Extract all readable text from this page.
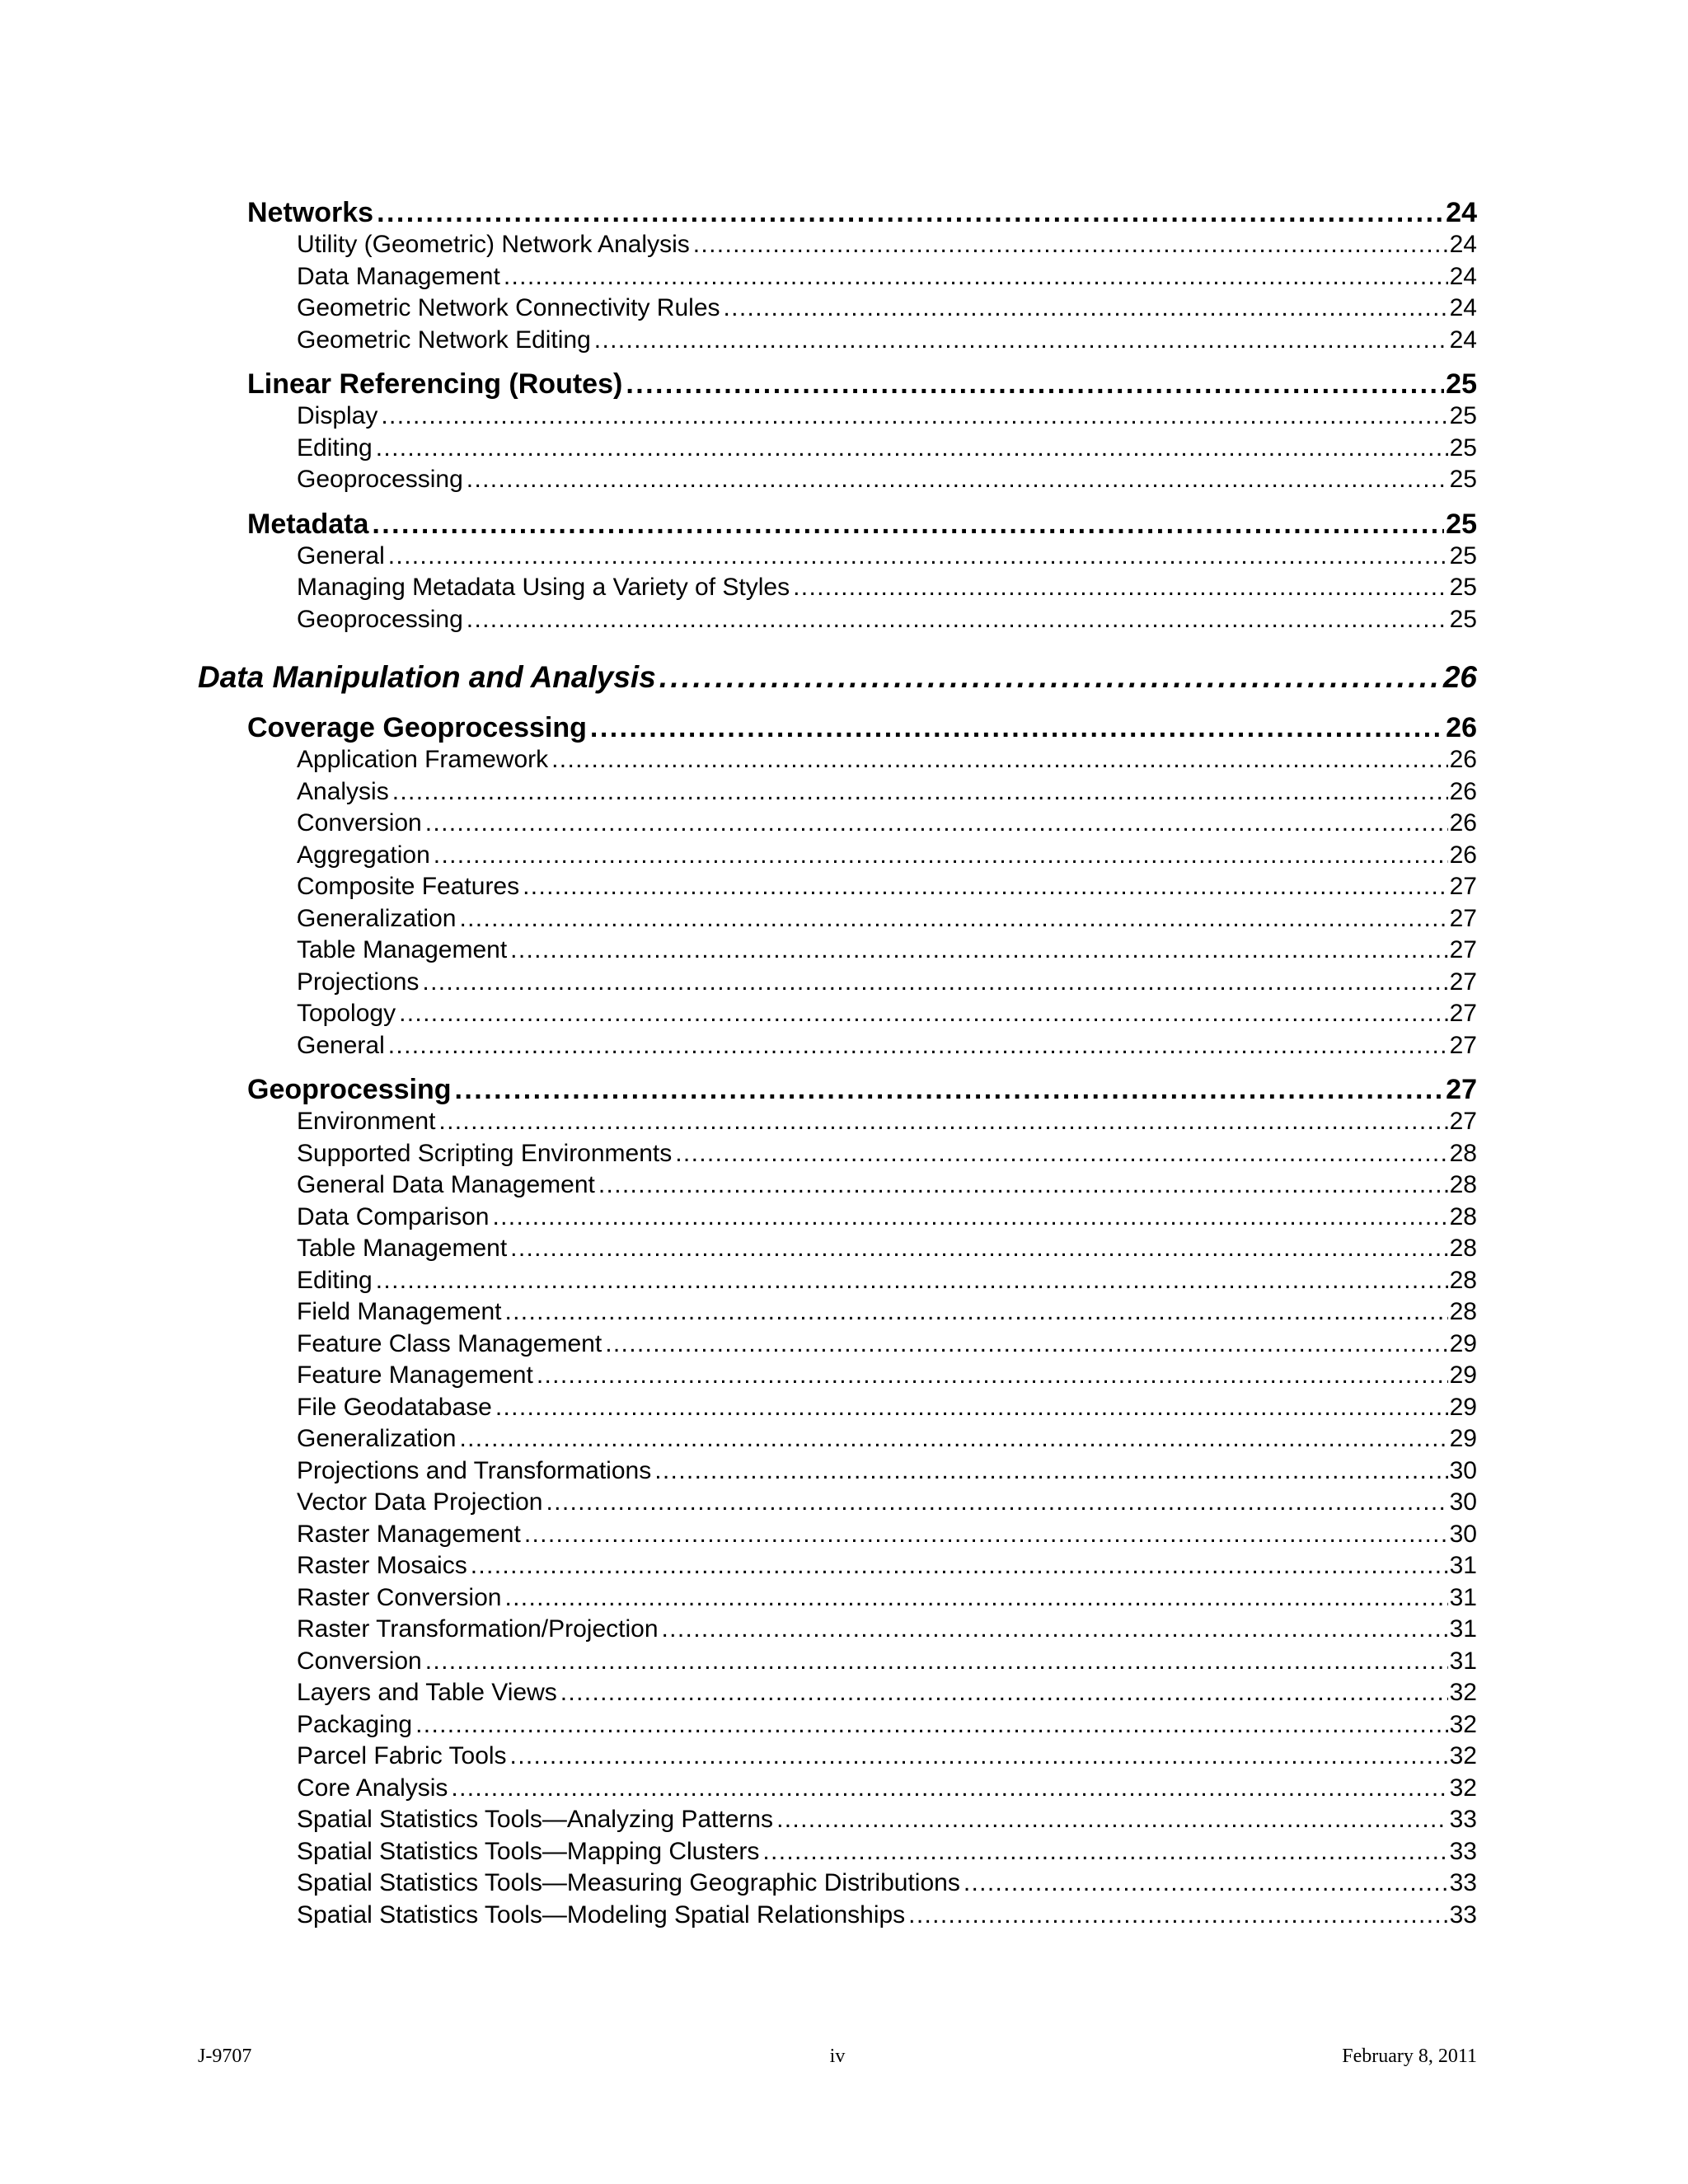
Networks . . .	24
Utility (Geometric) Network Analysis . . .	24
Data Management . . .	24
Geometric Network Connectivity Rules . . .	24
Geometric Network Editing . . .	24
Linear Referencing (Routes) . . .	25
Display . . .	25
Editing . . .	25
Geoprocessing . . .	25
Metadata . . .	25
General . . .	25
Managing Metadata Using a Variety of Styles . . .	25
Geoprocessing . . .	25
Data Manipulation and Analysis . . .	26
Coverage Geoprocessing . . .	26
Application Framework . . .	26
Analysis . . .	26
Conversion . . .	26
Aggregation . . .	26
Composite Features . . .	27
Generalization . . .	27
Table Management . . .	27
Projections . . .	27
Topology . . .	27
General . . .	27
Geoprocessing . . .	27
Environment . . .	27
Supported Scripting Environments . . .	28
General Data Management . . .	28
Data Comparison . . .	28
Table Management . . .	28
Editing . . .	28
Field Management . . .	28
Feature Class Management . . .	29
Feature Management . . .	29
File Geodatabase . . .	29
Generalization . . .	29
Projections and Transformations . . .	30
Vector Data Projection . . .	30
Raster Management . . .	30
Raster Mosaics . . .	31
Raster Conversion . . .	31
Raster Transformation/Projection . . .	31
Conversion . . .	31
Layers and Table Views . . .	32
Packaging . . .	32
Parcel Fabric Tools . . .	32
Core Analysis . . .	32
Spatial Statistics Tools—Analyzing Patterns . . .	33
Spatial Statistics Tools—Mapping Clusters . . .	33
Spatial Statistics Tools—Measuring Geographic Distributions . . .	33
Spatial Statistics Tools—Modeling Spatial Relationships . . .	33
J-9707	iv	February 8, 2011
